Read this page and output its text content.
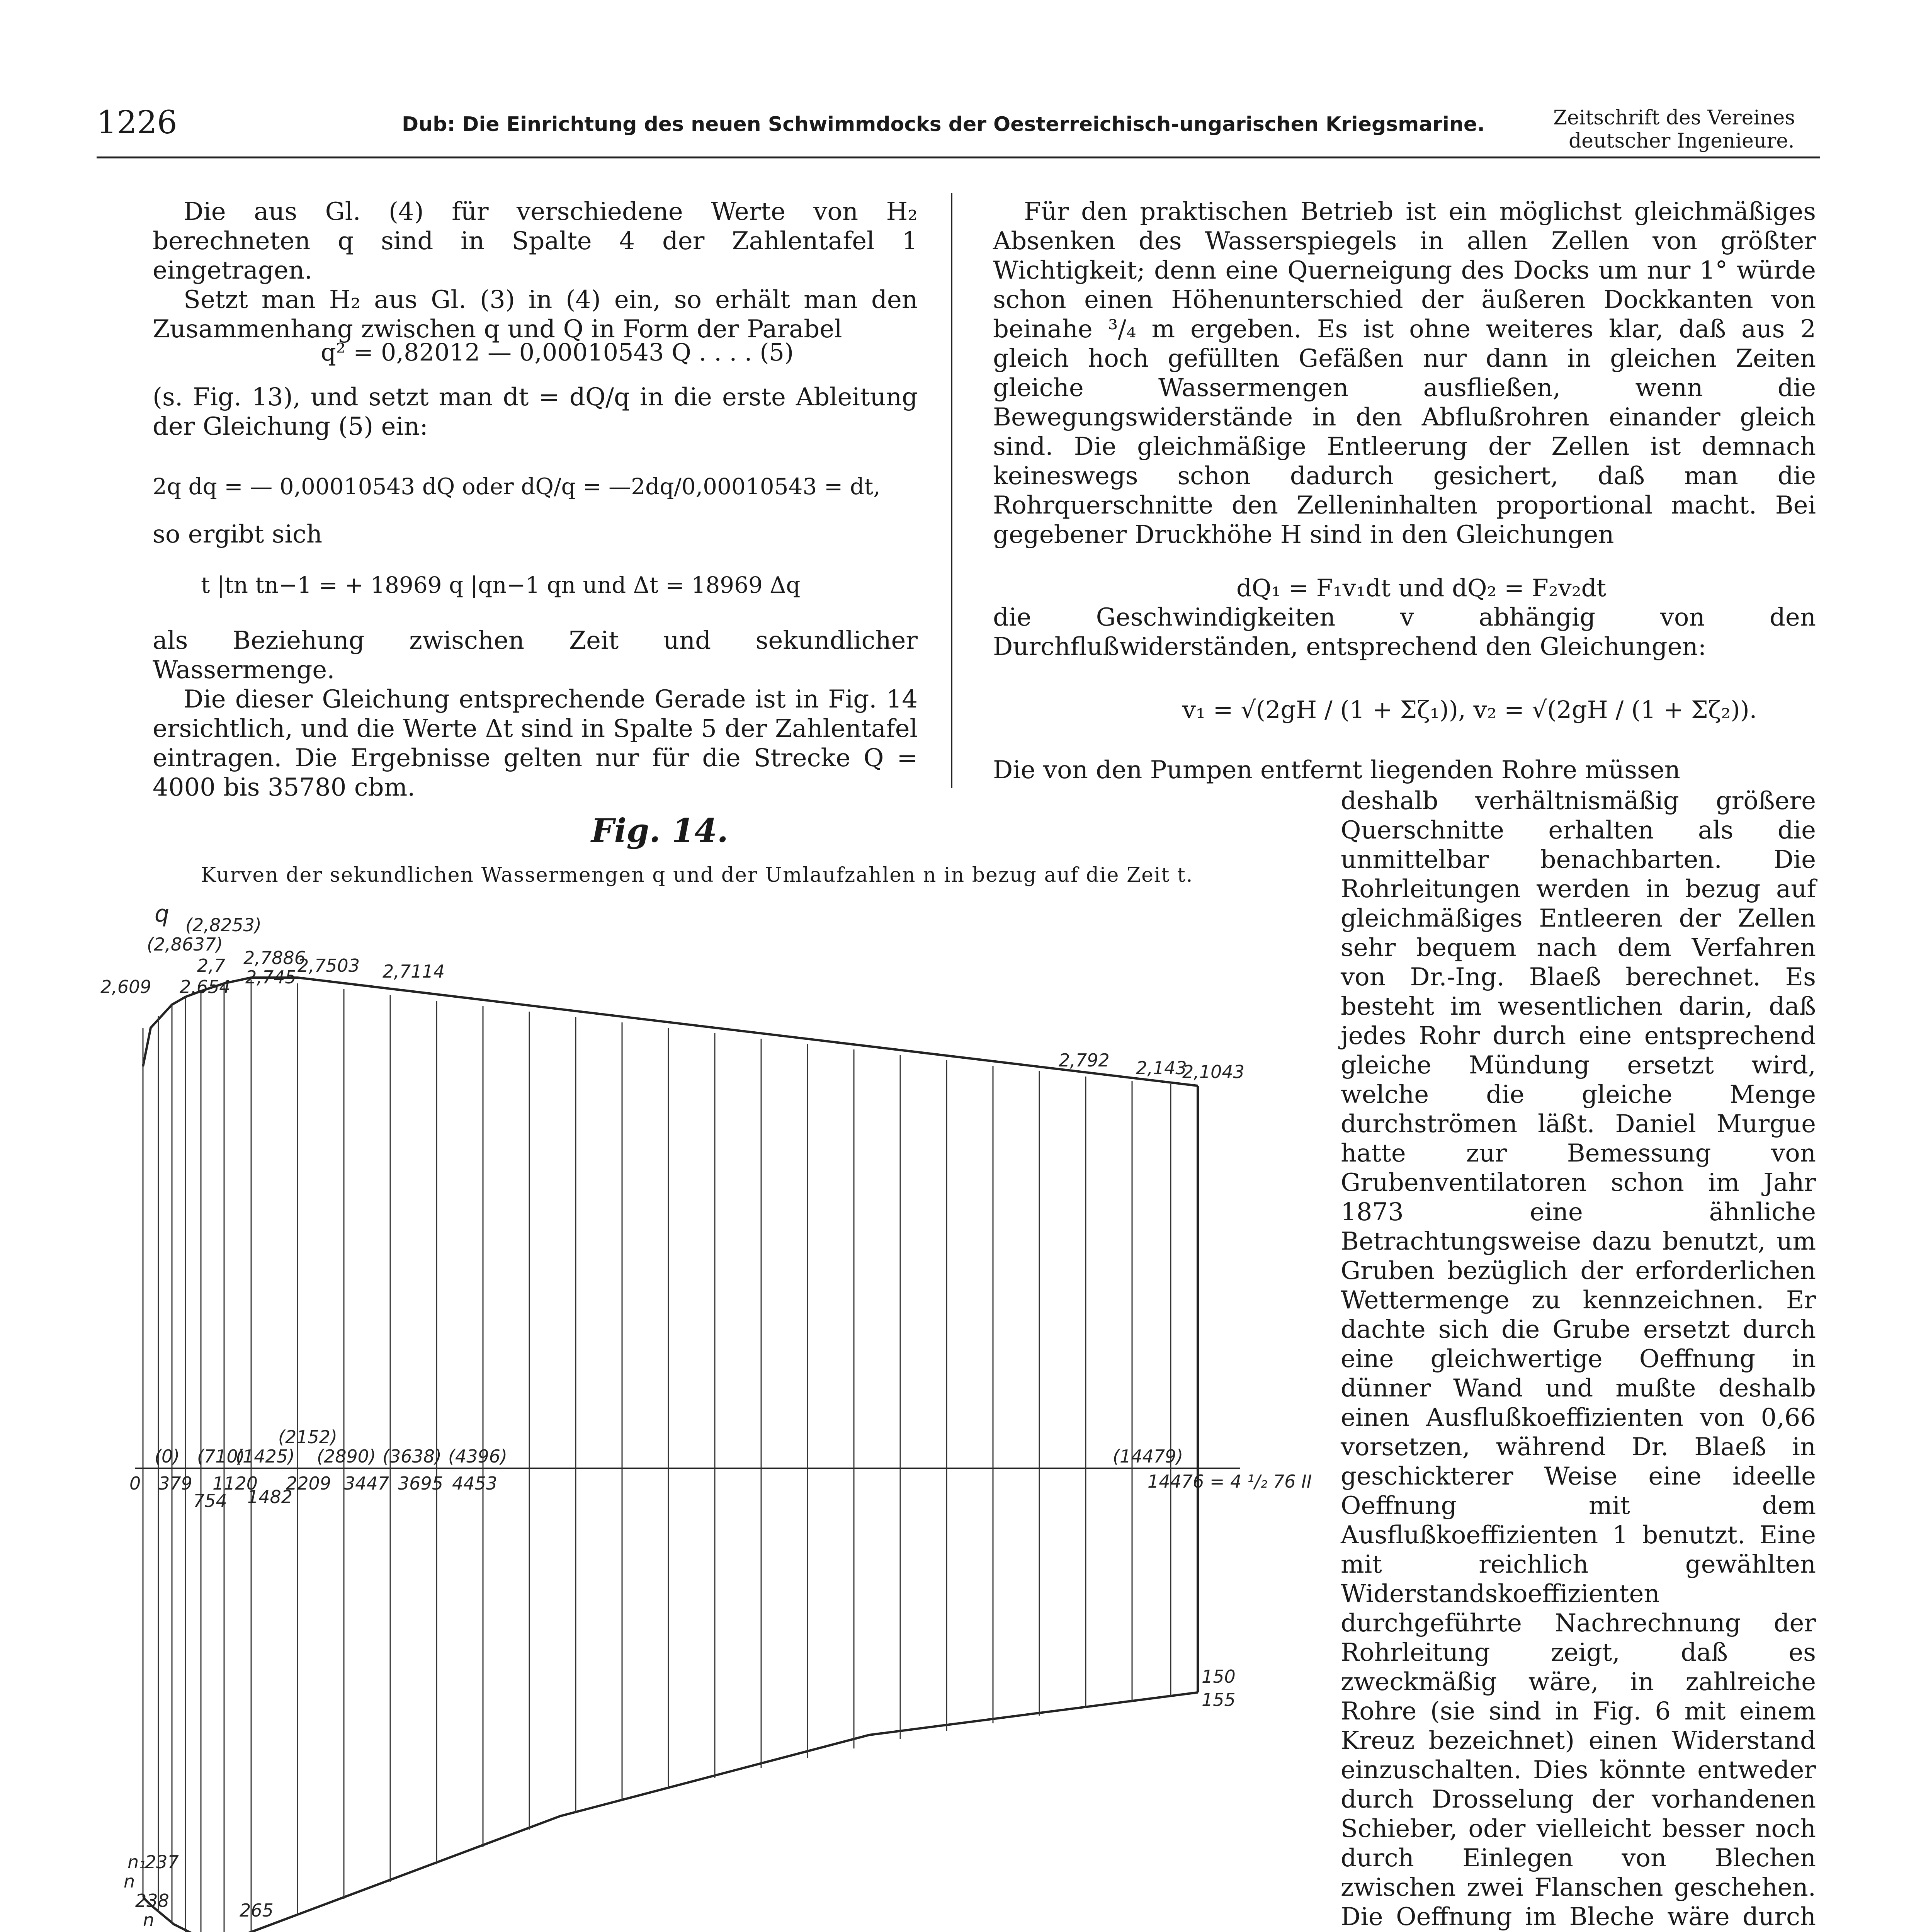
1226	Dub: Die Einrichtung des neuen Schwimmdocks der Oesterreichisch-ungarischen Kriegsmarine.	Zeitschrift des Vereines
deutscher Ingenieure.

Die aus Gl. (4) für verschiedene Werte von H₂ berechneten q sind in Spalte 4 der Zahlentafel 1 eingetragen.

Setzt man H₂ aus Gl. (3) in (4) ein, so erhält man den Zusammenhang zwischen q und Q in Form der Parabel

q² = 0,82012 — 0,00010543 Q . . . . (5)

(s. Fig. 13), und setzt man dt = dQ/q in die erste Ableitung der Gleichung (5) ein:

2q dq = — 0,00010543 dQ oder dQ/q = —2dq/0,00010543 = dt,

so ergibt sich

t |tn tn−1 = + 18969 q |qn−1 qn und Δt = 18969 Δq

als Beziehung zwischen Zeit und sekundlicher Wassermenge.

Die dieser Gleichung entsprechende Gerade ist in Fig. 14 ersichtlich, und die Werte Δt sind in Spalte 5 der Zahlentafel eintragen. Die Ergebnisse gelten nur für die Strecke Q = 4000 bis 35780 cbm.

Für den praktischen Betrieb ist ein möglichst gleichmäßiges Absenken des Wasserspiegels in allen Zellen von größter Wichtigkeit; denn eine Querneigung des Docks um nur 1° würde schon einen Höhenunterschied der äußeren Dockkanten von beinahe ³/₄ m ergeben. Es ist ohne weiteres klar, daß aus 2 gleich hoch gefüllten Gefäßen nur dann in gleichen Zeiten gleiche Wassermengen ausfließen, wenn die Bewegungswiderstände in den Abflußrohren einander gleich sind. Die gleichmäßige Entleerung der Zellen ist demnach keineswegs schon dadurch gesichert, daß man die Rohrquerschnitte den Zelleninhalten proportional macht. Bei gegebener Druckhöhe H sind in den Gleichungen

dQ₁ = F₁v₁dt und dQ₂ = F₂v₂dt

die Geschwindigkeiten v abhängig von den Durchflußwiderständen, entsprechend den Gleichungen:

v₁ = √(2gH / (1 + Σζ₁)), v₂ = √(2gH / (1 + Σζ₂)).

Die von den Pumpen entfernt liegenden Rohre müssen

deshalb verhältnismäßig größere Querschnitte erhalten als die unmittelbar benachbarten. Die Rohrleitungen werden in bezug auf gleichmäßiges Entleeren der Zellen sehr bequem nach dem Verfahren von Dr.-Ing. Blaeß berechnet. Es besteht im wesentlichen darin, daß jedes Rohr durch eine entsprechend gleiche Mündung ersetzt wird, welche die gleiche Menge durchströmen läßt. Daniel Murgue hatte zur Bemessung von Grubenventilatoren schon im Jahr 1873 eine ähnliche Betrachtungsweise dazu benutzt, um Gruben bezüglich der erforderlichen Wettermenge zu kennzeichnen. Er dachte sich die Grube ersetzt durch eine gleichwertige Oeffnung in dünner Wand und mußte deshalb einen Ausflußkoeffizienten von 0,66 vorsetzen, während Dr. Blaeß in geschickterer Weise eine ideelle Oeffnung mit dem Ausflußkoeffizienten 1 benutzt. Eine mit reichlich gewählten Widerstandskoeffizienten durchgeführte Nachrechnung der Rohrleitung zeigt, daß es zweckmäßig wäre, in zahlreiche Rohre (sie sind in Fig. 6 mit einem Kreuz bezeichnet) einen Widerstand einzuschalten. Dies könnte entweder durch Drosselung der vorhandenen Schieber, oder vielleicht besser noch durch Einlegen von Blechen zwischen zwei Flanschen geschehen. Die Oeffnung im Bleche wäre durch
Fig. 14.
Kurven der sekundlichen Wassermengen q und der Umlaufzahlen n in bezug auf die Zeit t.
q (2,8253)
(2,8637)
2,7886
2,7503 2,7114
2,609 2,654
2,7
2,745
2,792 2,143
2,1043
(0) (710)
(1425)
(2152)
(2890) (3638) (4396)	(14479)
0 379
754
1120
1482
2209 3447 3695 4453	14476 = 4 ¹/₂ 76 II
n₁
237
n
238
n	265
150
155
